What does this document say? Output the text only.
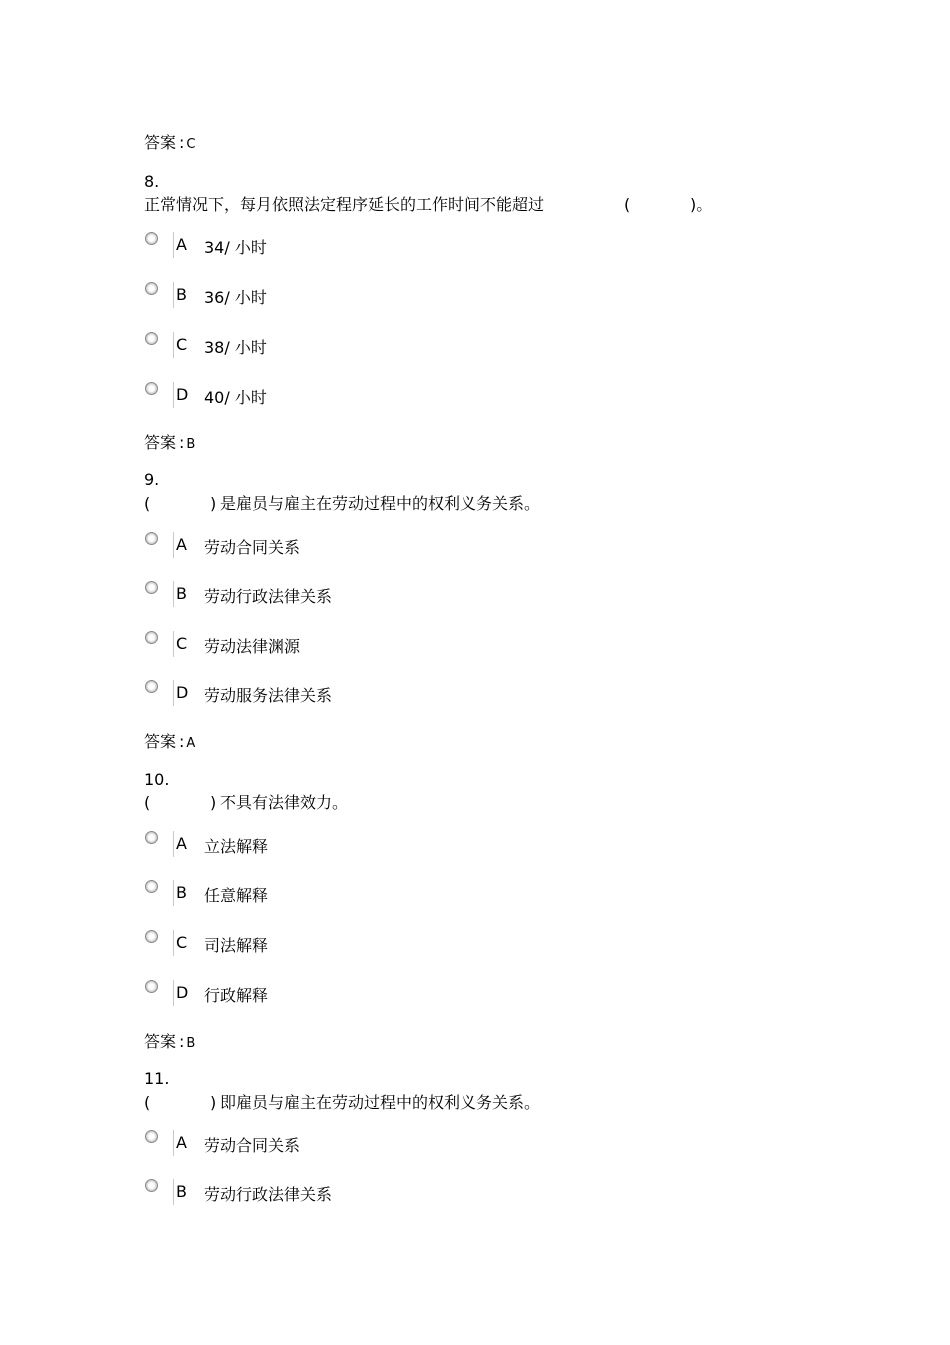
答案 : C
8.
正常情况下，每月依照法定程序延长的工作时间不能超过	(	)。
A 34/ 小时
B 36/ 小时
C 38/ 小时
D 40/ 小时
答案 : B
9.
(	) 是雇员与雇主在劳动过程中的权利义务关系。
A 劳动合同关系
B 劳动行政法律关系
C 劳动法律渊源
D 劳动服务法律关系
答案 : A
10.
(	) 不具有法律效力。
A 立法解释
B 任意解释
C 司法解释
D 行政解释
答案 : B
11.
(	) 即雇员与雇主在劳动过程中的权利义务关系。
A 劳动合同关系
B 劳动行政法律关系
